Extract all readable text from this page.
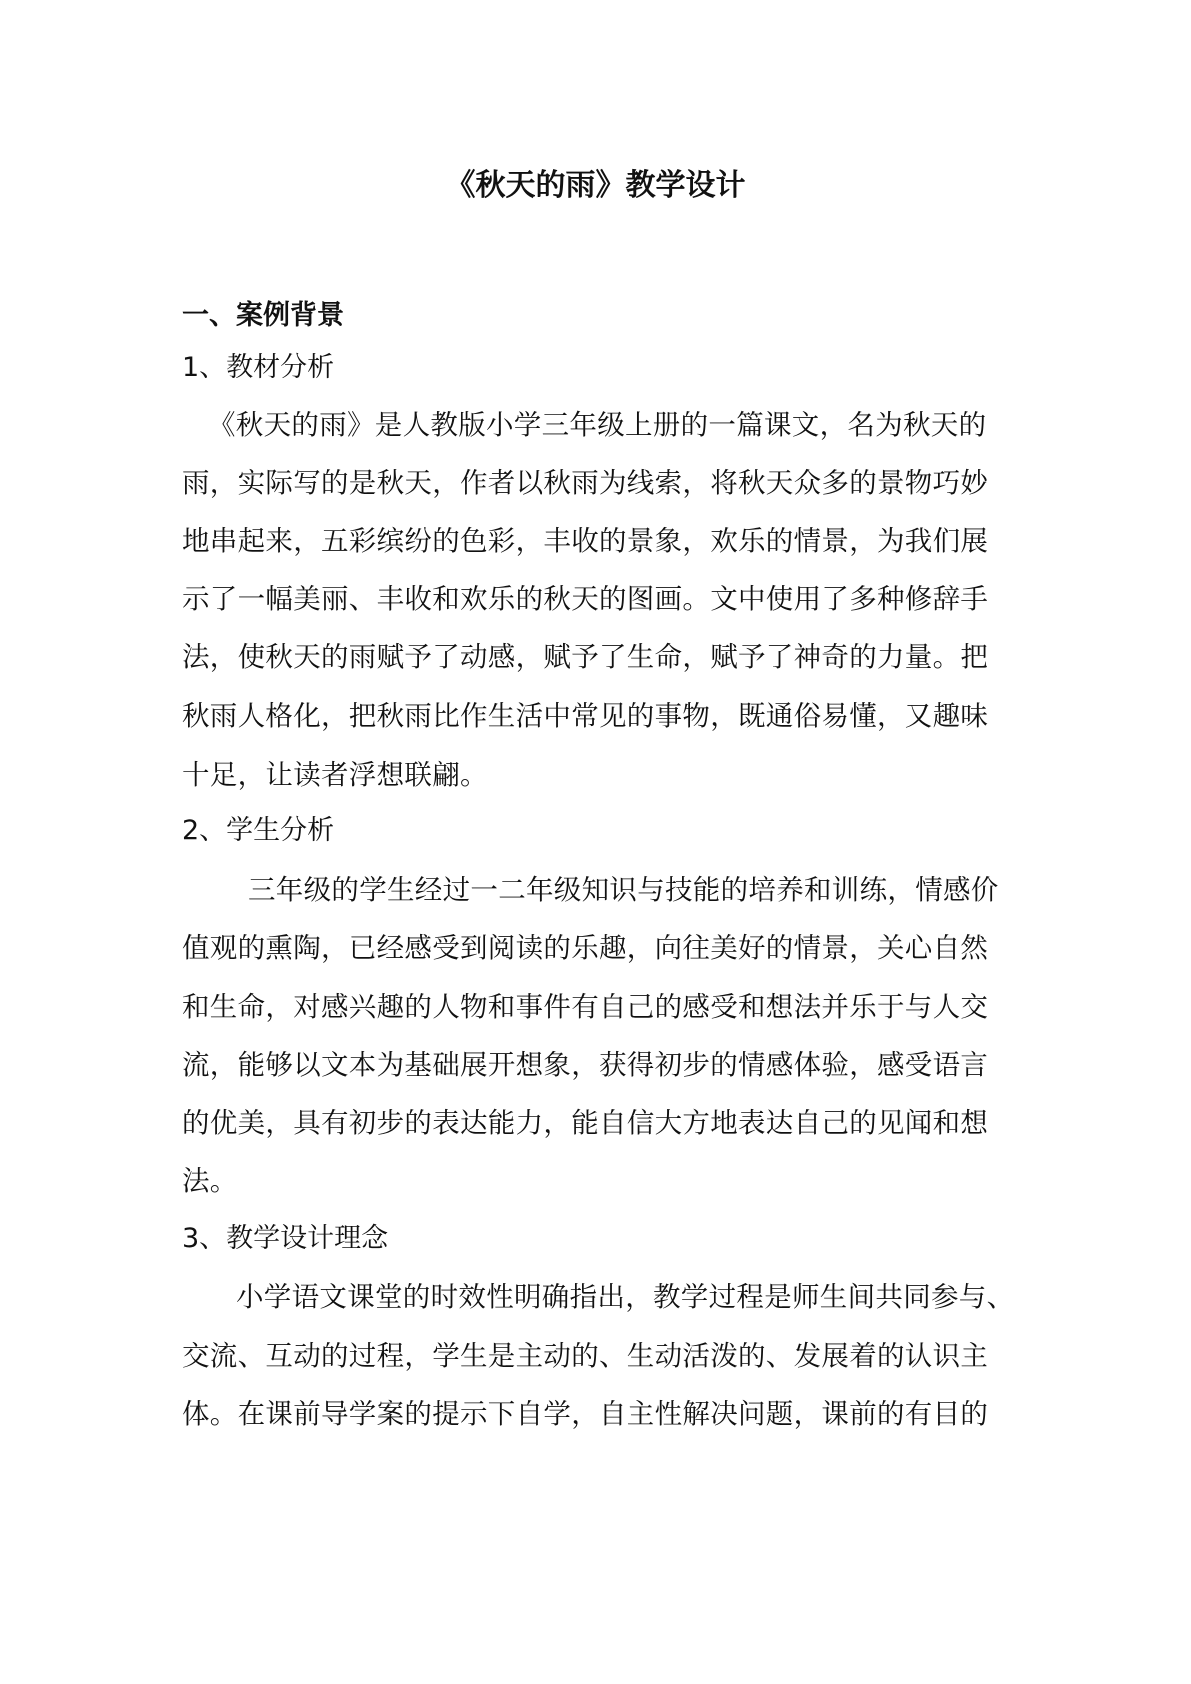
《秋天的雨》教学设计
一、案例背景
1、教材分析
《秋天的雨》是人教版小学三年级上册的一篇课文，名为秋天的
雨，实际写的是秋天，作者以秋雨为线索，将秋天众多的景物巧妙
地串起来，五彩缤纷的色彩，丰收的景象，欢乐的情景，为我们展
示了一幅美丽、丰收和欢乐的秋天的图画。文中使用了多种修辞手
法，使秋天的雨赋予了动感，赋予了生命，赋予了神奇的力量。把
秋雨人格化，把秋雨比作生活中常见的事物，既通俗易懂，又趣味
十足，让读者浮想联翩。
2、学生分析
三年级的学生经过一二年级知识与技能的培养和训练，情感价
值观的熏陶，已经感受到阅读的乐趣，向往美好的情景，关心自然
和生命，对感兴趣的人物和事件有自己的感受和想法并乐于与人交
流，能够以文本为基础展开想象，获得初步的情感体验，感受语言
的优美，具有初步的表达能力，能自信大方地表达自己的见闻和想
法。
3、教学设计理念
小学语文课堂的时效性明确指出，教学过程是师生间共同参与、
交流、互动的过程，学生是主动的、生动活泼的、发展着的认识主
体。在课前导学案的提示下自学，自主性解决问题，课前的有目的
